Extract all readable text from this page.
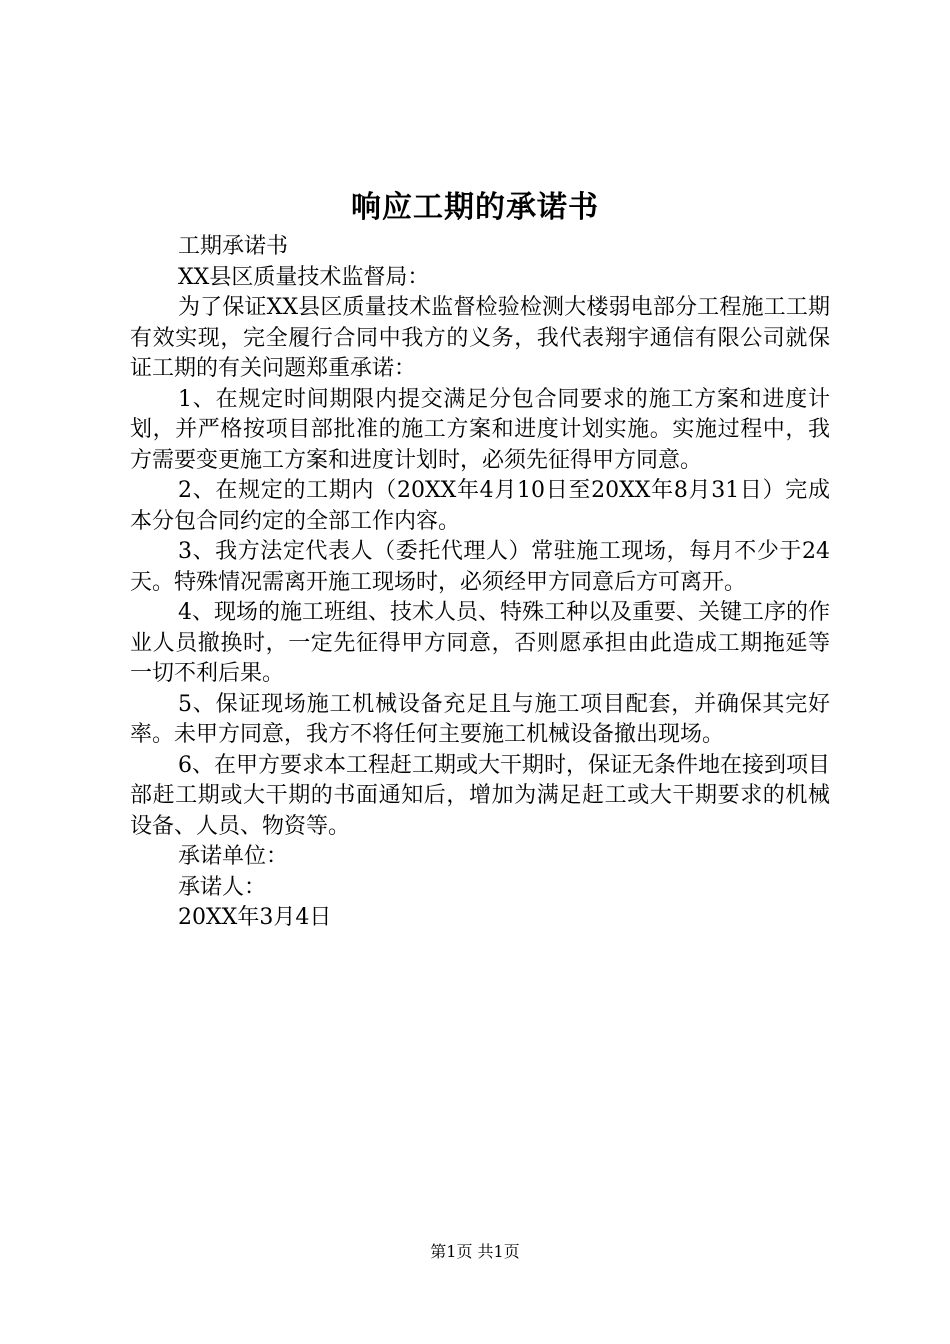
响应工期的承诺书

工期承诺书

XX县区质量技术监督局：

为了保证XX县区质量技术监督检验检测大楼弱电部分工程施工工期有效实现，完全履行合同中我方的义务，我代表翔宇通信有限公司就保证工期的有关问题郑重承诺：

1、在规定时间期限内提交满足分包合同要求的施工方案和进度计划，并严格按项目部批准的施工方案和进度计划实施。实施过程中，我方需要变更施工方案和进度计划时，必须先征得甲方同意。

2、在规定的工期内（20XX年4月10日至20XX年8月31日）完成本分包合同约定的全部工作内容。

3、我方法定代表人（委托代理人）常驻施工现场，每月不少于24天。特殊情况需离开施工现场时，必须经甲方同意后方可离开。

4、现场的施工班组、技术人员、特殊工种以及重要、关键工序的作业人员撤换时，一定先征得甲方同意，否则愿承担由此造成工期拖延等一切不利后果。

5、保证现场施工机械设备充足且与施工项目配套，并确保其完好率。未甲方同意，我方不将任何主要施工机械设备撤出现场。

6、在甲方要求本工程赶工期或大干期时，保证无条件地在接到项目部赶工期或大干期的书面通知后，增加为满足赶工或大干期要求的机械设备、人员、物资等。

承诺单位：

承诺人：

20XX年3月4日

第1页 共1页
